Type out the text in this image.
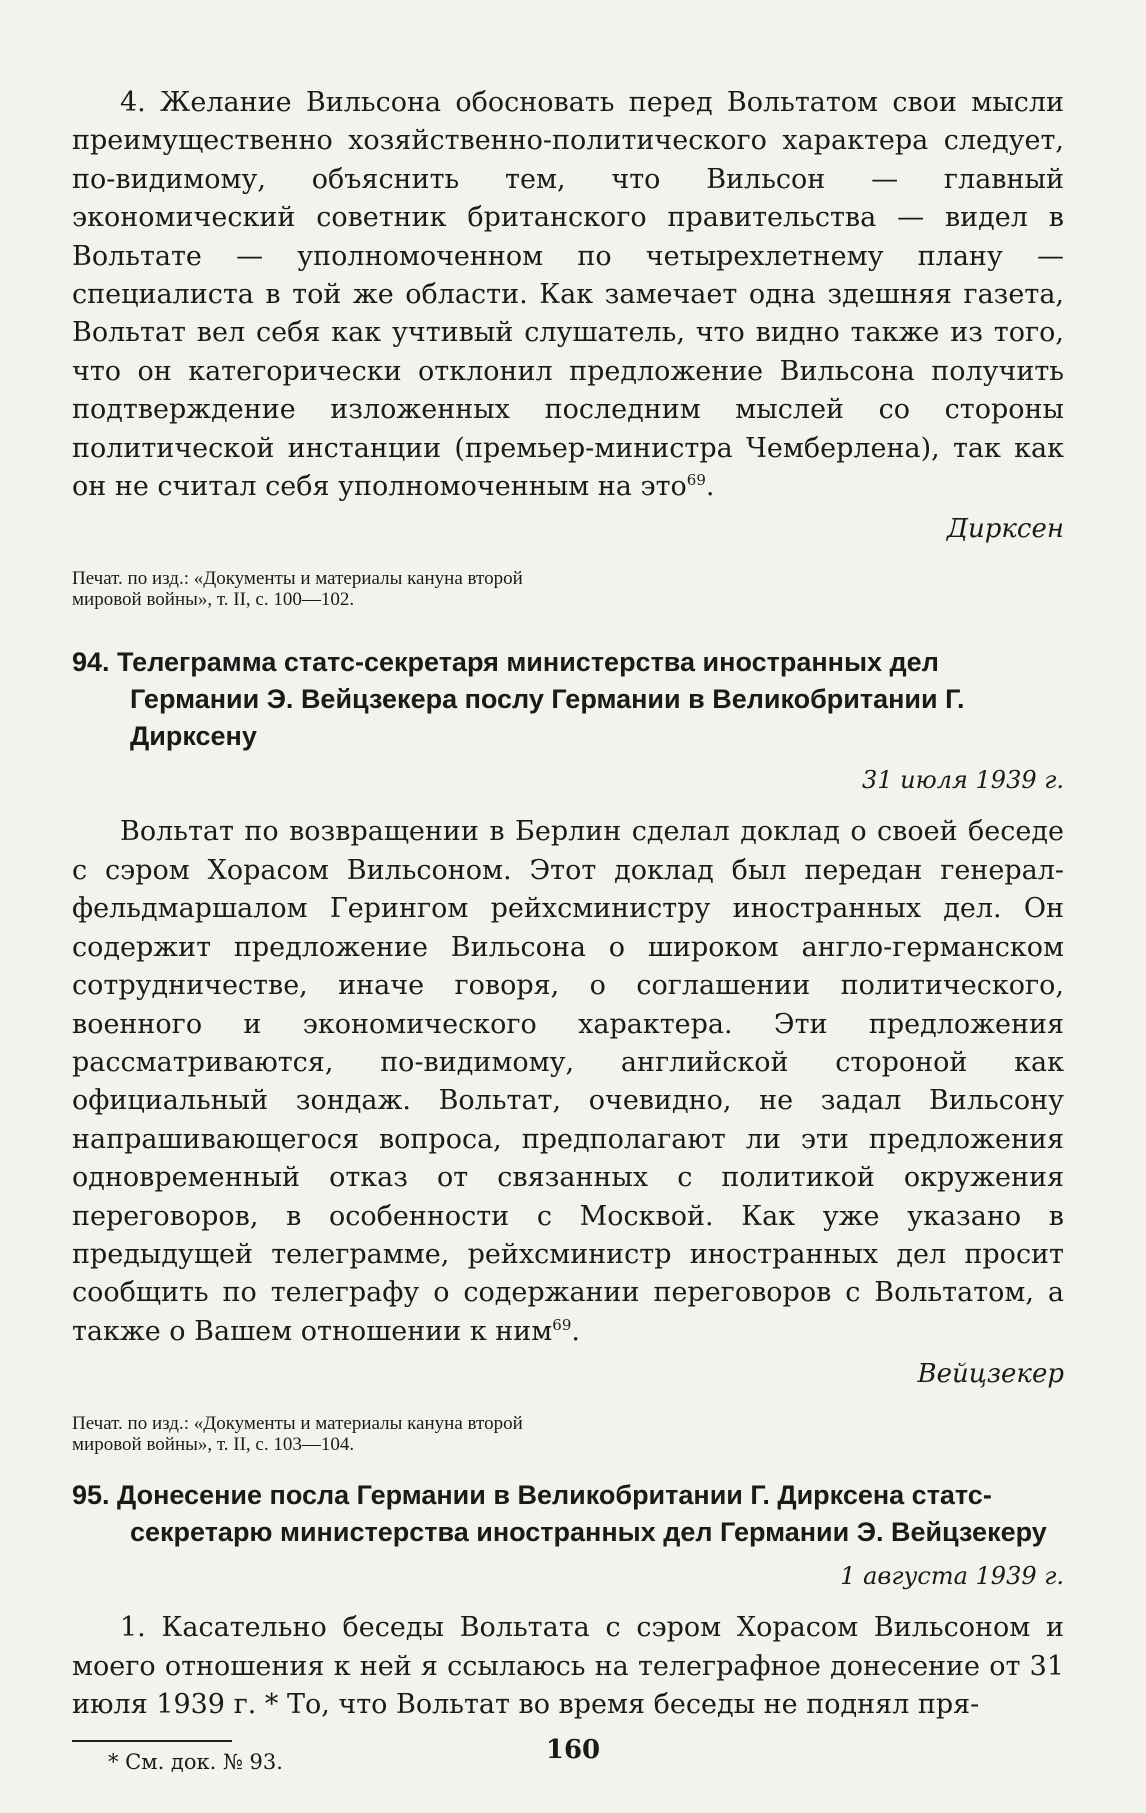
4. Желание Вильсона обосновать перед Вольтатом свои мысли преимущественно хозяйственно-политического характера следует, по-видимому, объяснить тем, что Вильсон — главный экономический советник британского правительства — видел в Вольтате — уполномоченном по четырехлетнему плану — специалиста в той же области. Как замечает одна здешняя газета, Вольтат вел себя как учтивый слушатель, что видно также из того, что он категорически отклонил предложение Вильсона получить подтверждение изложенных последним мыслей со стороны политической инстанции (премьер-министра Чемберлена), так как он не считал себя уполномоченным на это$^{69}$.

Дирксен

Печат. по изд.: «Документы и материалы кануна второй мировой войны», т. II, с. 100—102.

94. Телеграмма статс-секретаря министерства иностранных дел Германии Э. Вейцзекера послу Германии в Великобритании Г. Дирксену

31 июля 1939 г.

Вольтат по возвращении в Берлин сделал доклад о своей беседе с сэром Хорасом Вильсоном. Этот доклад был передан генерал-фельдмаршалом Герингом рейхсминистру иностранных дел. Он содержит предложение Вильсона о широком англо-германском сотрудничестве, иначе говоря, о соглашении политического, военного и экономического характера. Эти предложения рассматриваются, по-видимому, английской стороной как официальный зондаж. Вольтат, очевидно, не задал Вильсону напрашивающегося вопроса, предполагают ли эти предложения одновременный отказ от связанных с политикой окружения переговоров, в особенности с Москвой. Как уже указано в предыдущей телеграмме, рейхсминистр иностранных дел просит сообщить по телеграфу о содержании переговоров с Вольтатом, а также о Вашем отношении к ним$^{69}$.

Вейцзекер

Печат. по изд.: «Документы и материалы кануна второй мировой войны», т. II, с. 103—104.

95. Донесение посла Германии в Великобритании Г. Дирксена статс-секретарю министерства иностранных дел Германии Э. Вейцзекеру

1 августа 1939 г.

1. Касательно беседы Вольтата с сэром Хорасом Вильсоном и моего отношения к ней я ссылаюсь на телеграфное донесение от 31 июля 1939 г. * То, что Вольтат во время беседы не поднял пря-

* См. док. № 93.	160
